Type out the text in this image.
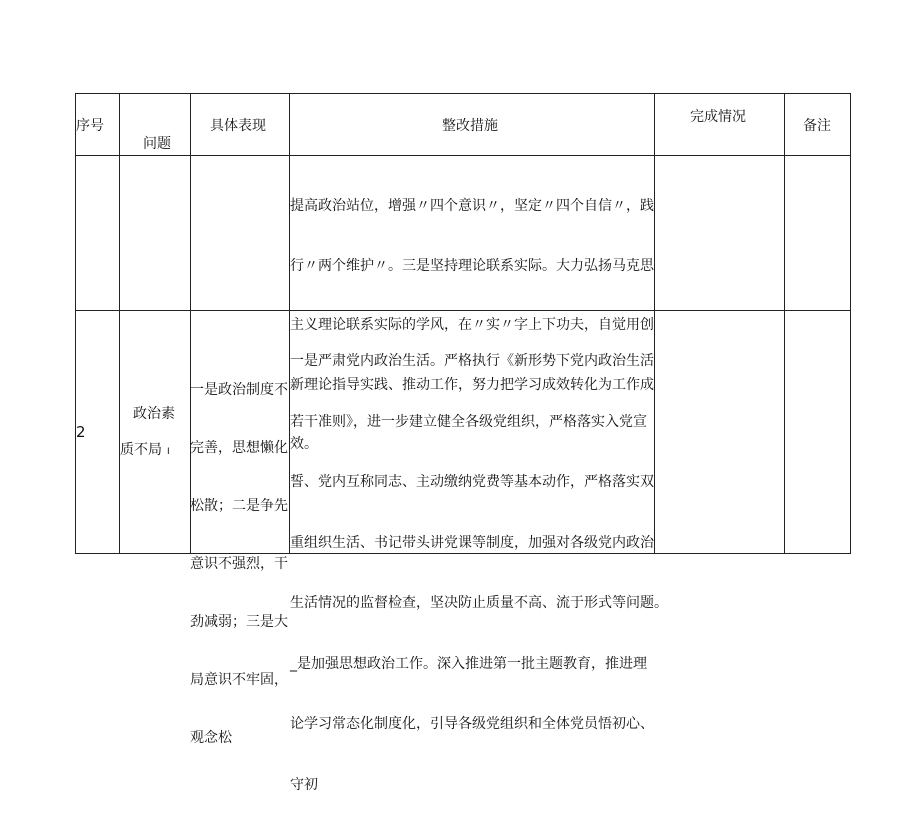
序号
问题
具体表现	整改措施
完成情况
备注

提高政治站位，增强〃四个意识〃，坚定〃四个自信〃，践

行〃两个维护〃。三是坚持理论联系实际。大力弘扬马克思

主义理论联系实际的学风，在〃实〃字上下功夫，自觉用创

新理论指导实践、推动工作，努力把学习成效转化为工作成

效。

2
政治素
质不局 I

一是政治制度不

完善，思想懒化

松散；二是争先

意识不强烈，干

劲减弱；三是大

局意识不牢固，

观念松

一是严肃党内政治生活。严格执行《新形势下党内政治生活

若干准则》，进一步建立健全各级党组织，严格落实入党宣

誓、党内互称同志、主动缴纳党费等基本动作，严格落实双

重组织生活、书记带头讲党课等制度，加强对各级党内政治

生活情况的监督检查，坚决防止质量不高、流于形式等问题。

_是加强思想政治工作。深入推进第一批主题教育，推进理

论学习常态化制度化，引导各级党组织和全体党员悟初心、

守初
